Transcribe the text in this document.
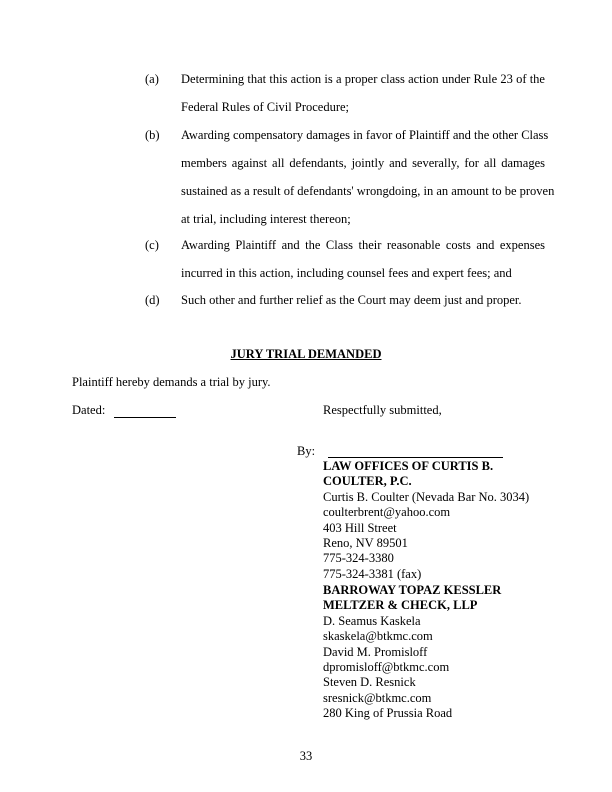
(a) Determining that this action is a proper class action under Rule 23 of the
Federal Rules of Civil Procedure;
(b) Awarding compensatory damages in favor of Plaintiff and the other Class
members against all defendants, jointly and severally, for all damages
sustained as a result of defendants' wrongdoing, in an amount to be proven
at trial, including interest thereon;
(c) Awarding Plaintiff and the Class their reasonable costs and expenses
incurred in this action, including counsel fees and expert fees; and
(d) Such other and further relief as the Court may deem just and proper.
JURY TRIAL DEMANDED
Plaintiff hereby demands a trial by jury.
Dated:	Respectfully submitted,
By:
LAW OFFICES OF CURTIS B.
COULTER, P.C.
Curtis B. Coulter (Nevada Bar No. 3034)
coulterbrent@yahoo.com
403 Hill Street
Reno, NV 89501
775-324-3380
775-324-3381 (fax)
BARROWAY TOPAZ KESSLER
MELTZER & CHECK, LLP
D. Seamus Kaskela
skaskela@btkmc.com
David M. Promisloff
dpromisloff@btkmc.com
Steven D. Resnick
sresnick@btkmc.com
280 King of Prussia Road
33
